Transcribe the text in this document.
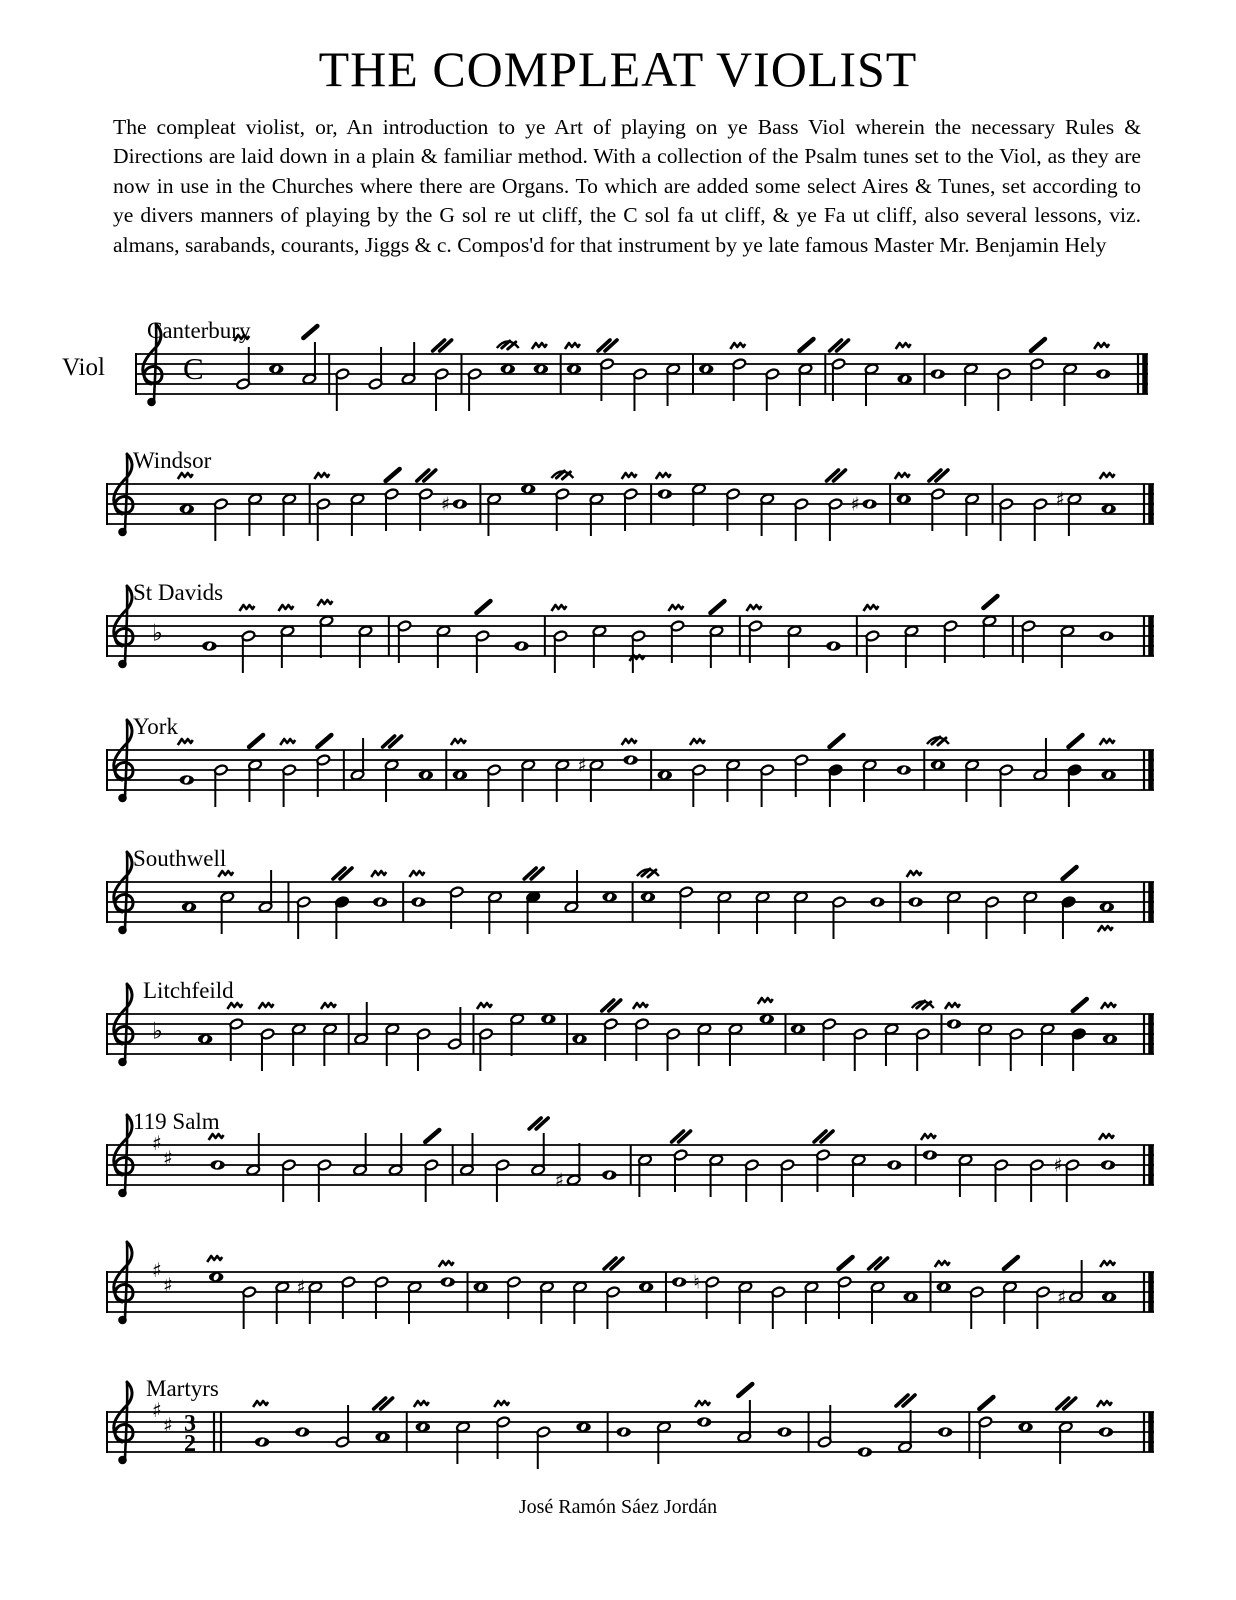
THE COMPLEAT VIOLIST

The compleat violist, or, An introduction to ye Art of playing on ye Bass Viol wherein the necessary Rules & Directions are laid down in a plain & familiar method. With a collection of the Psalm tunes set to the Viol, as they are now in use in the Churches where there are Organs. To which are added some select Aires & Tunes, set according to ye divers manners of playing by the G sol re ut cliff, the C sol fa ut cliff, & ye Fa ut cliff, also several lessons, viz. almans, sarabands, courants, Jiggs & c. Compos'd for that instrument by ye late famous Master Mr. Benjamin Hely

Viol
Canterbury
C
Windsor
♯	♯	♯
St Davids
♭
York
♯
Southwell
Litchfeild
♭
119 Salm
♯
♯
♯
♯
♯
♯	♯	♮
♯
Martyrs
♯
♯ 3
2
José Ramón Sáez Jordán
